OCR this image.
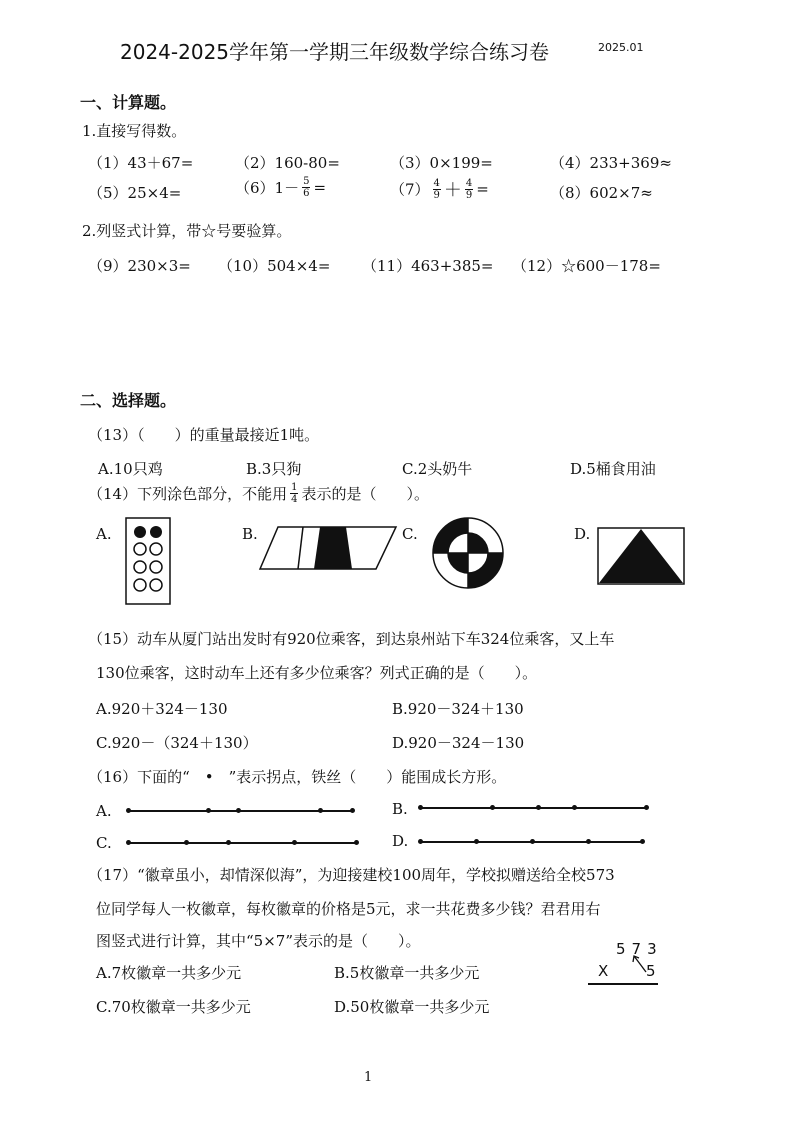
2024-2025学年第一学期三年级数学综合练习卷	2025.01
一、计算题。
1.直接写得数。
（1）43＋67=	（2）160-80=	（3）0×199=	（4）233+369≈
（5）25×4=	$(6)1- \frac{5}{6}$ =	$(7) \frac{4}{9} + \frac{4}{9}$ =	（8）602×7≈
2.列竖式计算，带☆号要验算。
（9）230×3= （10）504×4= （11）463+385= （12）☆600－178=
二、选择题。
（13）（　　）的重量最接近1吨。
A.10只鸡	B.3只狗	C.2头奶牛	D.5桶食用油
（14）下列涂色部分，不能用 $\frac{1}{4}$ 表示的是（　　）。
A.	B.	C.	D.
（15）动车从厦门站出发时有920位乘客，到达泉州站下车324位乘客，又上车
130位乘客，这时动车上还有多少位乘客？列式正确的是（　　）。
A.920＋324－130	B.920－324＋130
C.920－（324＋130）	D.920－324－130
（16）下面的“　•　”表示拐点，铁丝（　　）能围成长方形。
A.	B.
C.	D.
（17）“徽章虽小，却情深似海”，为迎接建校100周年，学校拟赠送给全校573
位同学每人一枚徽章，每枚徽章的价格是5元，求一共花费多少钱？君君用右
图竖式进行计算，其中“5×7”表示的是（　　）。
A.7枚徽章一共多少元	B.5枚徽章一共多少元
C.70枚徽章一共多少元	D.50枚徽章一共多少元
573
X	5
1
